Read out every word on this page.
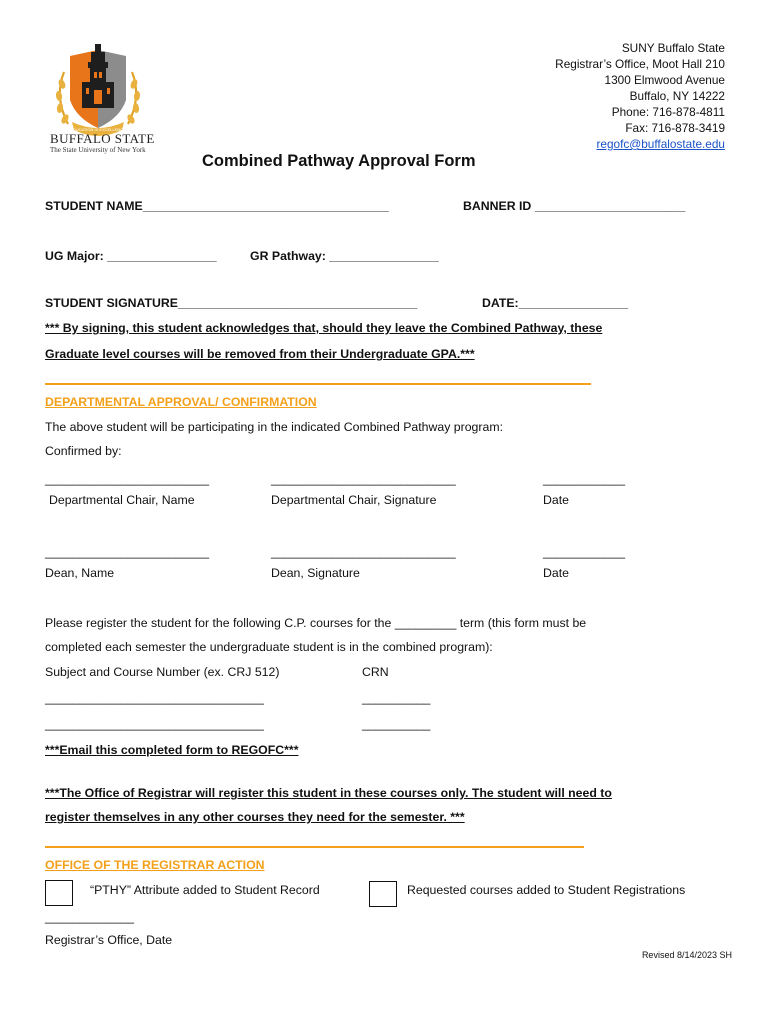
EDUCATION IS EXCELLENCE
BUFFALO STATE
The State University of New York
SUNY Buffalo State
Registrar’s Office, Moot Hall 210
1300 Elmwood Avenue
Buffalo, NY 14222
Phone: 716-878-4811
Fax: 716-878-3419
regofc@buffalostate.edu
Combined Pathway Approval Form
STUDENT NAME____________________________________	BANNER ID ______________________
UG Major: ________________	GR Pathway: ________________
STUDENT SIGNATURE___________________________________	DATE:________________
*** By signing, this student acknowledges that, should they leave the Combined Pathway, these
Graduate level courses will be removed from their Undergraduate GPA.***
DEPARTMENTAL APPROVAL/ CONFIRMATION
The above student will be participating in the indicated Combined Pathway program:
Confirmed by:
________________________	___________________________	____________
Departmental Chair, Name	Departmental Chair, Signature	Date
________________________	___________________________	____________
Dean, Name	Dean, Signature	Date
Please register the student for the following C.P. courses for the _________ term (this form must be
completed each semester the undergraduate student is in the combined program):
Subject and Course Number (ex. CRJ 512)	CRN
________________________________	__________
________________________________	__________
***Email this completed form to REGOFC***
***The Office of Registrar will register this student in these courses only. The student will need to
register themselves in any other courses they need for the semester. ***
OFFICE OF THE REGISTRAR ACTION
“PTHY” Attribute added to Student Record	Requested courses added to Student Registrations
_____________
Registrar’s Office, Date
Revised 8/14/2023 SH
